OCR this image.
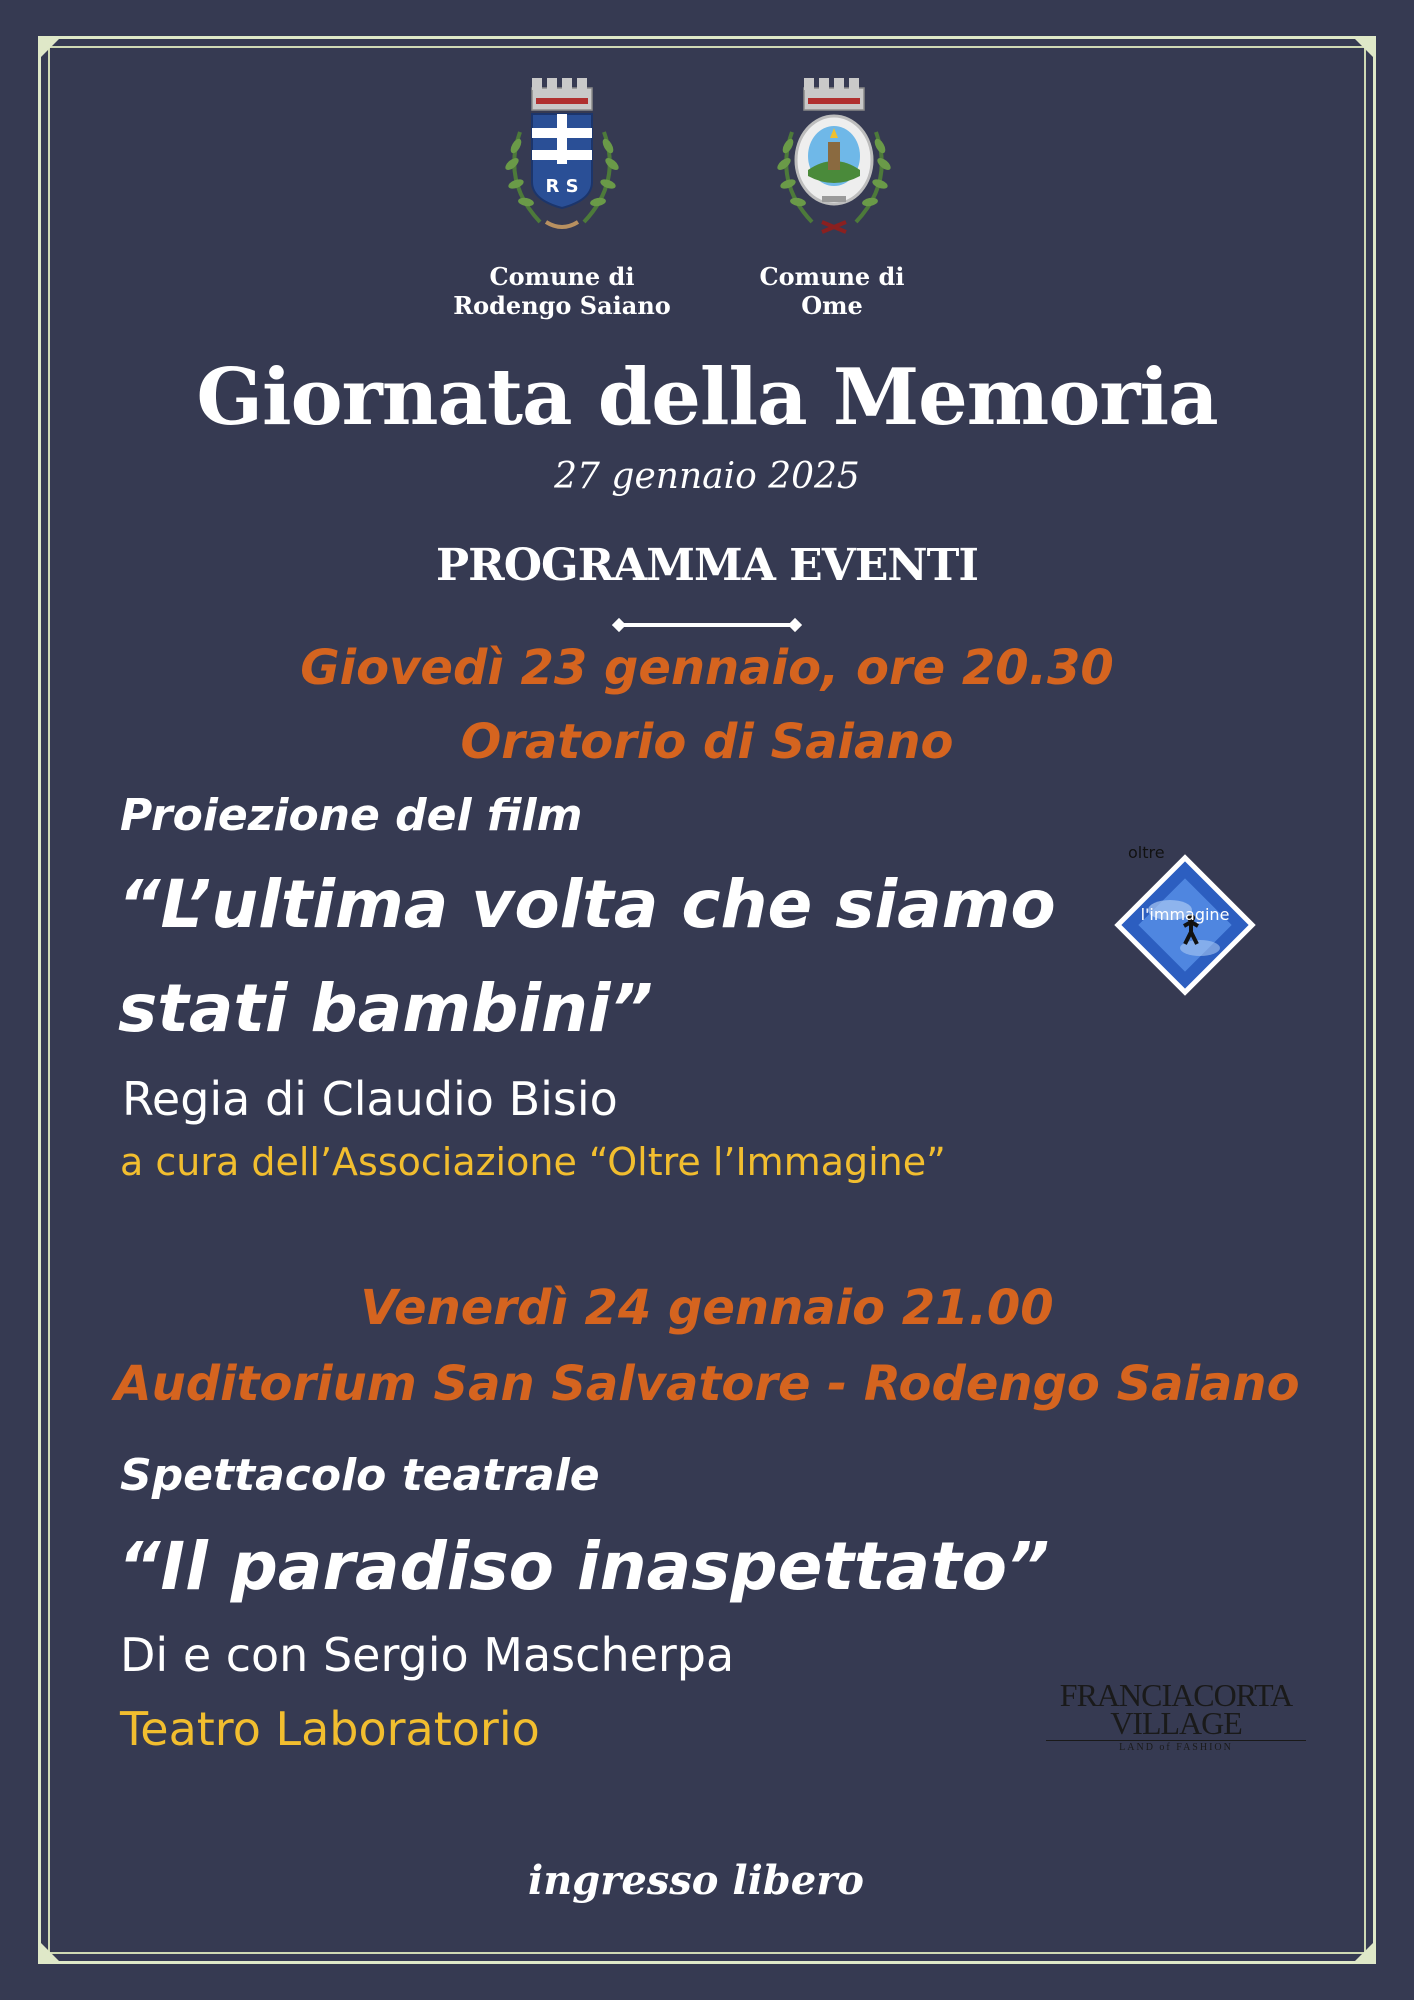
R S
Comune di
Rodengo Saiano
Comune di
Ome
Giornata della Memoria
27 gennaio 2025
PROGRAMMA EVENTI
Giovedì 23 gennaio, ore 20.30
Oratorio di Saiano
Proiezione del film
“L’ultima volta che siamo
stati bambini”
Regia di Claudio Bisio
a cura dell’Associazione “Oltre l’Immagine”
oltre
l'immagine
Venerdì 24 gennaio 21.00
Auditorium San Salvatore - Rodengo Saiano
Spettacolo teatrale
“Il paradiso inaspettato”
Di e con Sergio Mascherpa
Teatro Laboratorio
FRANCIACORTA
VILLAGE
LAND of FASHION
ingresso libero
